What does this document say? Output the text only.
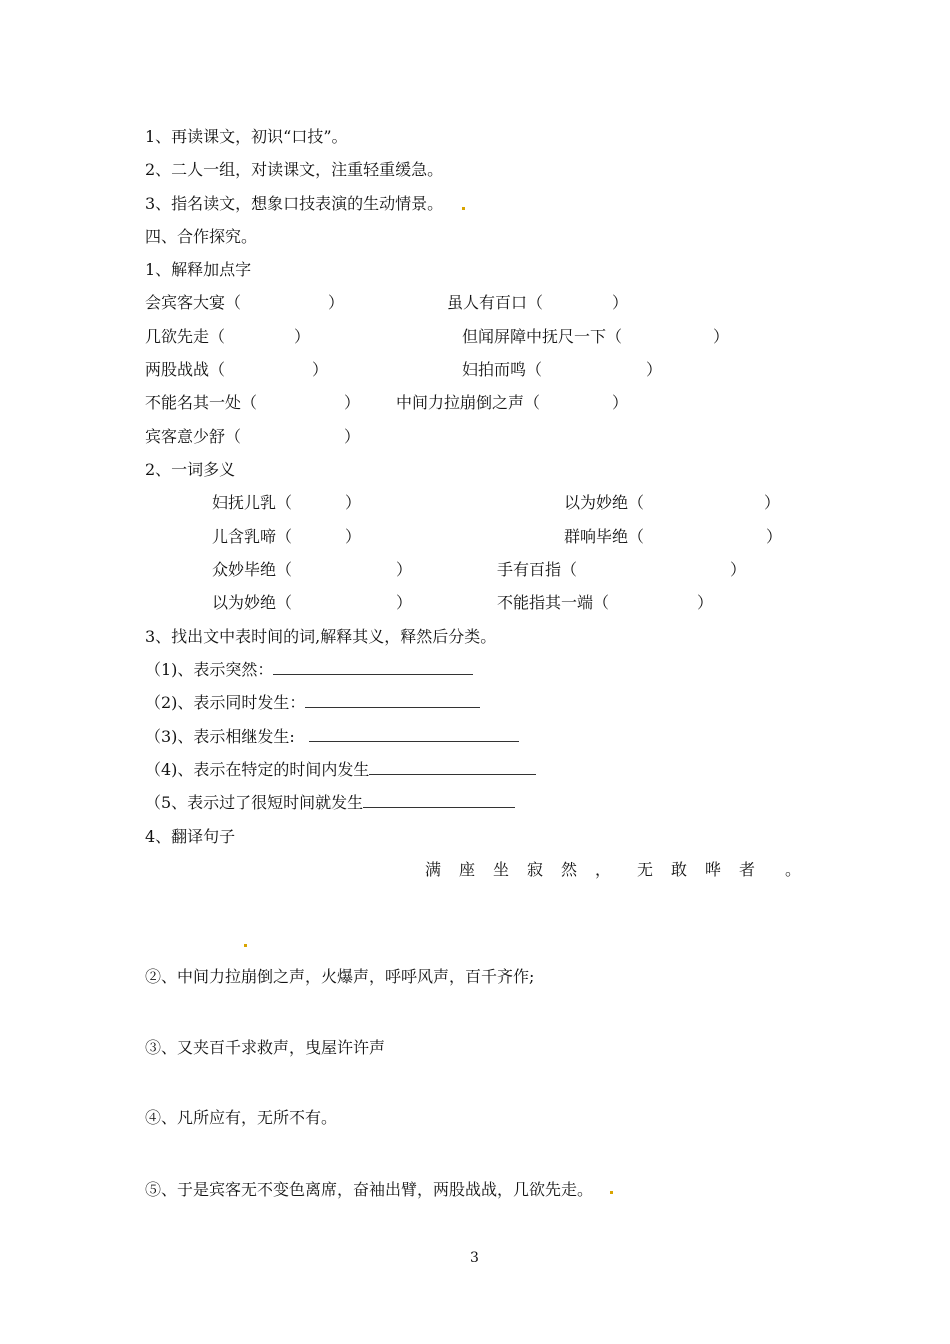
1、再读课文，初识“口技”。
2、二人一组，对读课文，注重轻重缓急。
3、指名读文，想象口技表演的生动情景。
四、合作探究。
1、解释加点字
会宾客大宴（	）	虽人有百口（	）
几欲先走（	）	但闻屏障中抚尺一下（	）
两股战战（	）	妇拍而鸣（	）
不能名其一处（	） 中间力拉崩倒之声（	）
宾客意少舒（	）
2、一词多义
妇抚儿乳（	）	以为妙绝（	）
儿含乳啼（	）	群响毕绝（	）
众妙毕绝（	）	手有百指（	）
以为妙绝（	）	不能指其一端（	）
3、找出文中表时间的词,解释其义，释然后分类。
（1)、表示突然：
（2)、表示同时发生：
（3)、表示相继发生:
（4)、表示在特定的时间内发生
（5、表示过了很短时间就发生
4、翻译句子
满 座 坐 寂 然 ， 无 敢 哗 者 。
②、中间力拉崩倒之声，火爆声，呼呼风声，百千齐作;
③、又夹百千求救声，曳屋许许声
④、凡所应有，无所不有。
⑤、于是宾客无不变色离席，奋袖出臂，两股战战，几欲先走。
3
